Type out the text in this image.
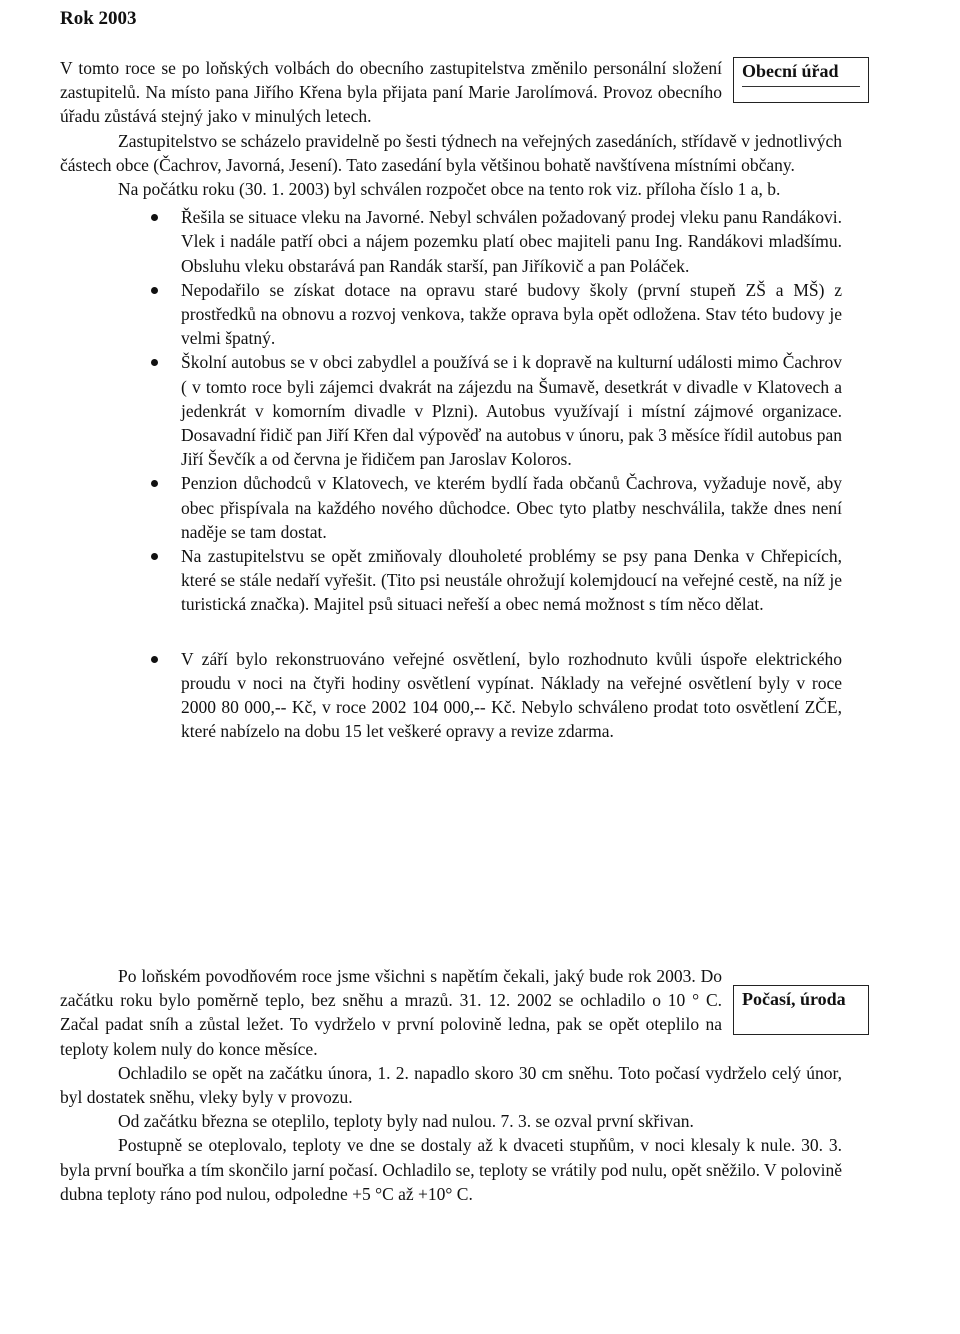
Rok 2003
Obecní úřad

V tomto roce se po loňských volbách do obecního zastupitelstva změnilo personální složení zastupitelů. Na místo pana Jiřího Křena byla přijata paní Marie Jarolímová. Provoz obecního úřadu zůstává stejný jako v minulých letech.

Zastupitelstvo se scházelo pravidelně po šesti týdnech na veřejných zasedáních, střídavě v jednotlivých částech obce (Čachrov, Javorná, Jesení). Tato zasedání byla většinou bohatě navštívena místními občany.

Na počátku roku (30. 1. 2003) byl schválen rozpočet obce na tento rok viz. příloha číslo 1 a, b.

Řešila se situace vleku na Javorné. Nebyl schválen požadovaný prodej vleku panu Randákovi. Vlek i nadále patří obci a nájem pozemku platí obec majiteli panu Ing. Randákovi mladšímu. Obsluhu vleku obstarává pan Randák starší, pan Jiříkovič a pan Poláček.
Nepodařilo se získat dotace na opravu staré budovy školy (první stupeň ZŠ a MŠ) z prostředků na obnovu a rozvoj venkova, takže oprava byla opět odložena. Stav této budovy je velmi špatný.
Školní autobus se v obci zabydlel a používá se i k dopravě na kulturní události mimo Čachrov ( v tomto roce byli zájemci dvakrát na zájezdu na Šumavě, desetkrát v divadle v Klatovech a jedenkrát v komorním divadle v Plzni). Autobus využívají i místní zájmové organizace. Dosavadní řidič pan Jiří Křen dal výpověď na autobus v únoru, pak 3 měsíce řídil autobus pan Jiří Ševčík a od června je řidičem pan Jaroslav Koloros.
Penzion důchodců v Klatovech, ve kterém bydlí řada občanů Čachrova, vyžaduje nově, aby obec přispívala na každého nového důchodce. Obec tyto platby neschválila, takže dnes není naděje se tam dostat.
Na zastupitelstvu se opět zmiňovaly dlouholeté problémy se psy pana Denka v Chřepicích, které se stále nedaří vyřešit. (Tito psi neustále ohrožují kolemjdoucí na veřejné cestě, na níž je turistická značka). Majitel psů situaci neřeší a obec nemá možnost s tím něco dělat.
V září bylo rekonstruováno veřejné osvětlení, bylo rozhodnuto kvůli úspoře elektrického proudu v noci na čtyři hodiny osvětlení vypínat. Náklady na veřejné osvětlení byly v roce 2000 80 000,-- Kč, v roce 2002 104 000,-- Kč. Nebylo schváleno prodat toto osvětlení ZČE, které nabízelo na dobu 15 let veškeré opravy a revize zdarma.
Počasí, úroda

Po loňském povodňovém roce jsme všichni s napětím čekali, jaký bude rok 2003. Do začátku roku bylo poměrně teplo, bez sněhu a mrazů. 31. 12. 2002 se ochladilo o 10 ° C. Začal padat sníh a zůstal ležet. To vydrželo v první polovině ledna, pak se opět oteplilo na teploty kolem nuly do konce měsíce.

Ochladilo se opět na začátku února, 1. 2. napadlo skoro 30 cm sněhu. Toto počasí vydrželo celý únor, byl dostatek sněhu, vleky byly v provozu.

Od začátku března se oteplilo, teploty byly nad nulou. 7. 3. se ozval první skřivan.

Postupně se oteplovalo, teploty ve dne se dostaly až k dvaceti stupňům, v noci klesaly k nule. 30. 3. byla první bouřka a tím skončilo jarní počasí. Ochladilo se, teploty se vrátily pod nulu, opět sněžilo. V polovině dubna teploty ráno pod nulou, odpoledne +5 °C až +10° C.
